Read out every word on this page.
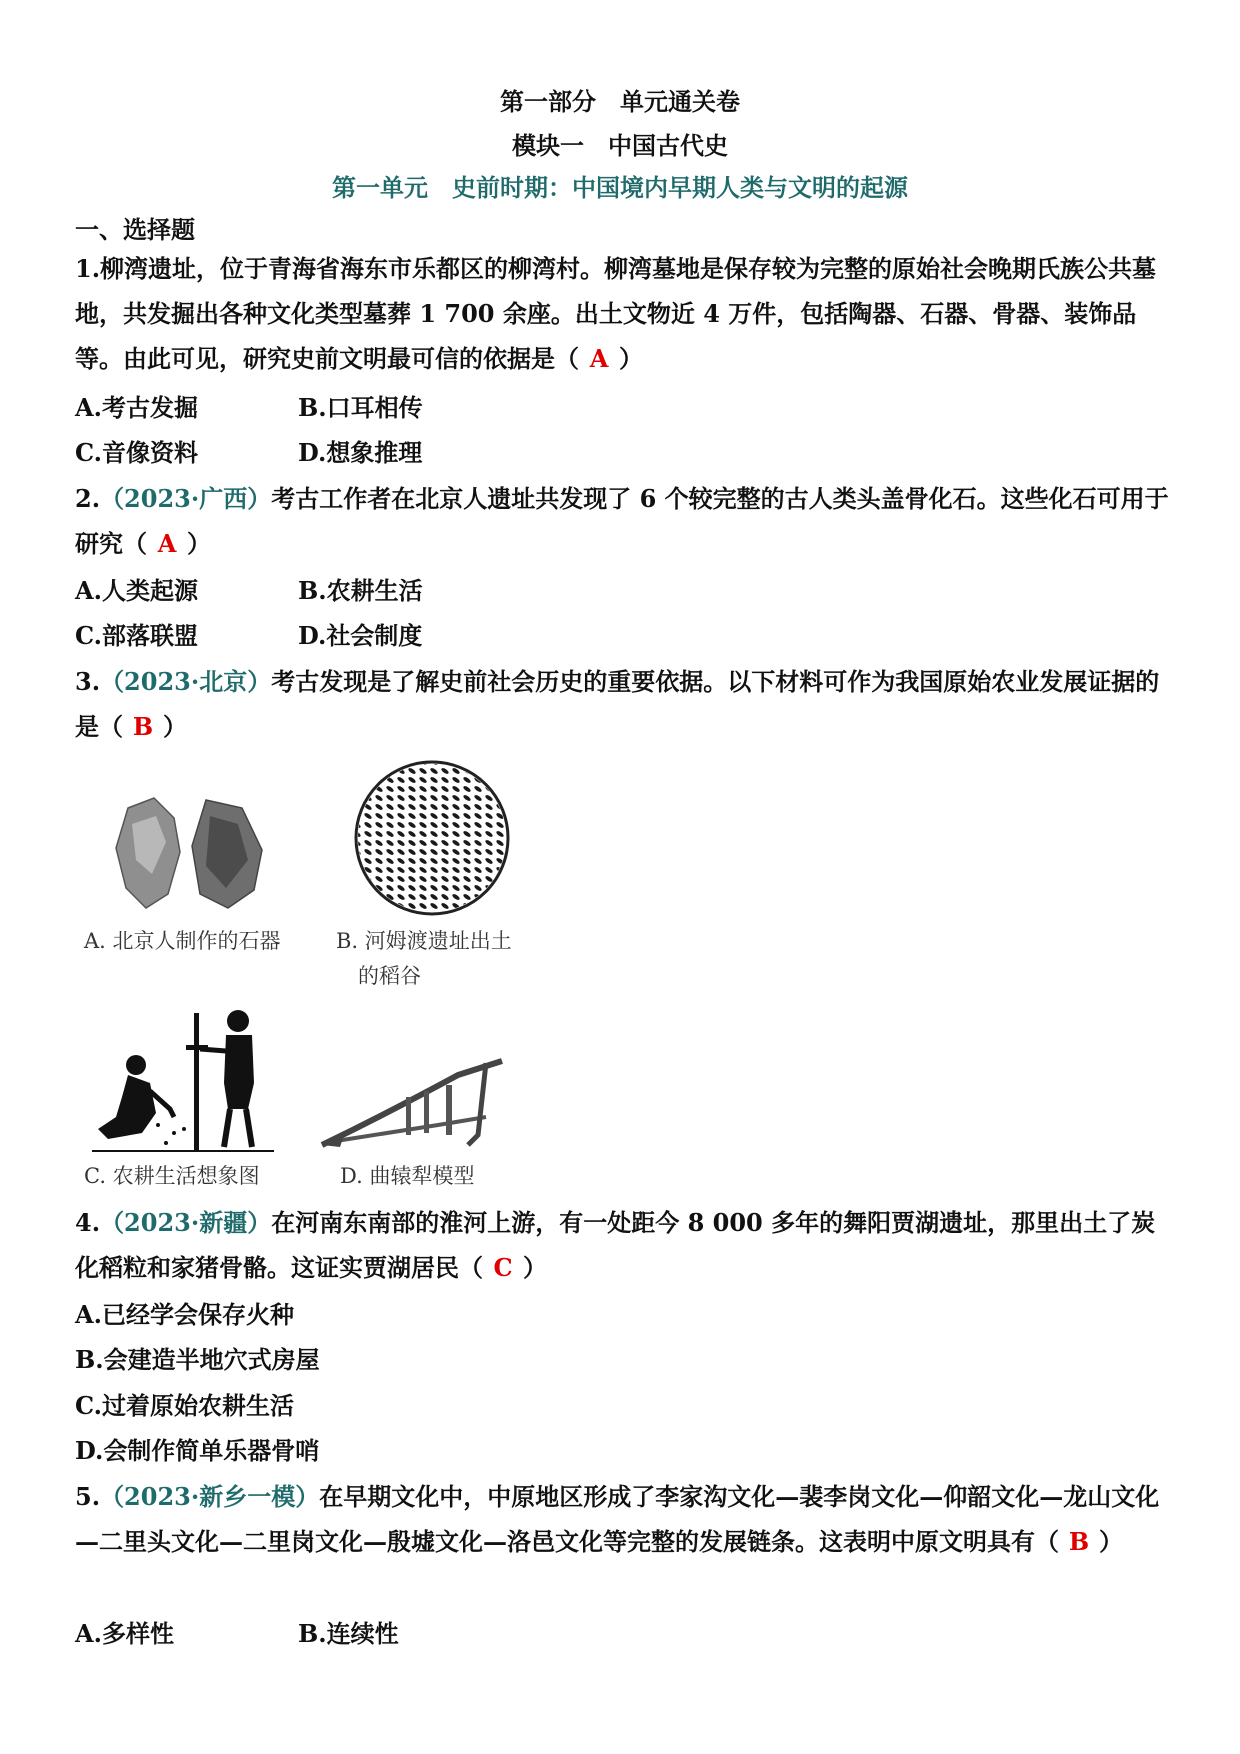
第一部分　单元通关卷
模块一　中国古代史
第一单元　史前时期：中国境内早期人类与文明的起源
一、选择题
1.柳湾遗址，位于青海省海东市乐都区的柳湾村。柳湾墓地是保存较为完整的原始社会晚期氏族公共墓地，共发掘出各种文化类型墓葬 1 700 余座。出土文物近 4 万件，包括陶器、石器、骨器、装饰品等。由此可见，研究史前文明最可信的依据是（ A ）
A.考古发掘	B.口耳相传
C.音像资料	D.想象推理
2.（2023·广西）考古工作者在北京人遗址共发现了 6 个较完整的古人类头盖骨化石。这些化石可用于研究（ A ）
A.人类起源	B.农耕生活
C.部落联盟	D.社会制度
3.（2023·北京）考古发现是了解史前社会历史的重要依据。以下材料可作为我国原始农业发展证据的是（ B ）
A. 北京人制作的石器	B. 河姆渡遗址出土
的稻谷
C. 农耕生活想象图	D. 曲辕犁模型
4.（2023·新疆）在河南东南部的淮河上游，有一处距今 8 000 多年的舞阳贾湖遗址，那里出土了炭化稻粒和家猪骨骼。这证实贾湖居民（ C ）
A.已经学会保存火种
B.会建造半地穴式房屋
C.过着原始农耕生活
D.会制作简单乐器骨哨
5.（2023·新乡一模）在早期文化中，中原地区形成了李家沟文化—裴李岗文化—仰韶文化—龙山文化—二里头文化—二里岗文化—殷墟文化—洛邑文化等完整的发展链条。这表明中原文明具有（ B ）
A.多样性	B.连续性
